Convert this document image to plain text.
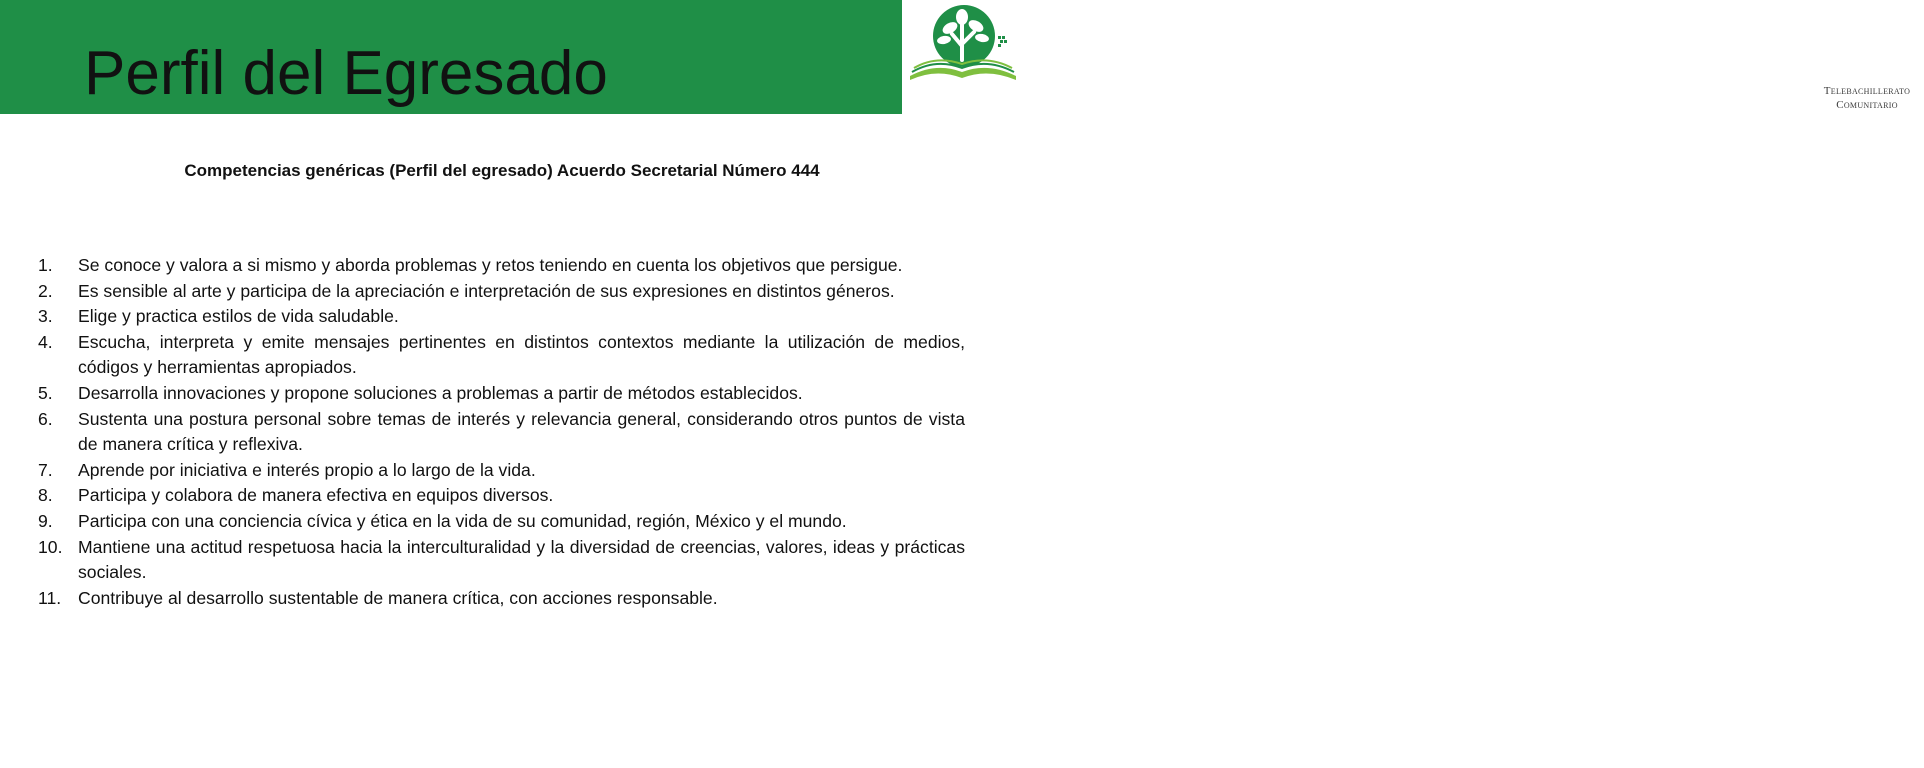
Perfil del Egresado	Telebachillerato
Comunitario
Competencias genéricas (Perfil del egresado) Acuerdo Secretarial Número 444
1. Se conoce y valora a si mismo y aborda problemas y retos teniendo en cuenta los objetivos que persigue.
2. Es sensible al arte y participa de la apreciación e interpretación de sus expresiones en distintos géneros.
3. Elige y practica estilos de vida saludable.
4. Escucha, interpreta y emite mensajes pertinentes en distintos contextos mediante la utilización de medios, códigos y herramientas apropiados.
5. Desarrolla innovaciones y propone soluciones a problemas a partir de métodos establecidos.
6. Sustenta una postura personal sobre temas de interés y relevancia general, considerando otros puntos de vista de manera crítica y reflexiva.
7. Aprende por iniciativa e interés propio a lo largo de la vida.
8. Participa y colabora de manera efectiva en equipos diversos.
9. Participa con una conciencia cívica y ética en la vida de su comunidad, región, México y el mundo.
10. Mantiene una actitud respetuosa hacia la interculturalidad y la diversidad de creencias, valores, ideas y prácticas sociales.
11. Contribuye al desarrollo sustentable de manera crítica, con acciones responsable.
